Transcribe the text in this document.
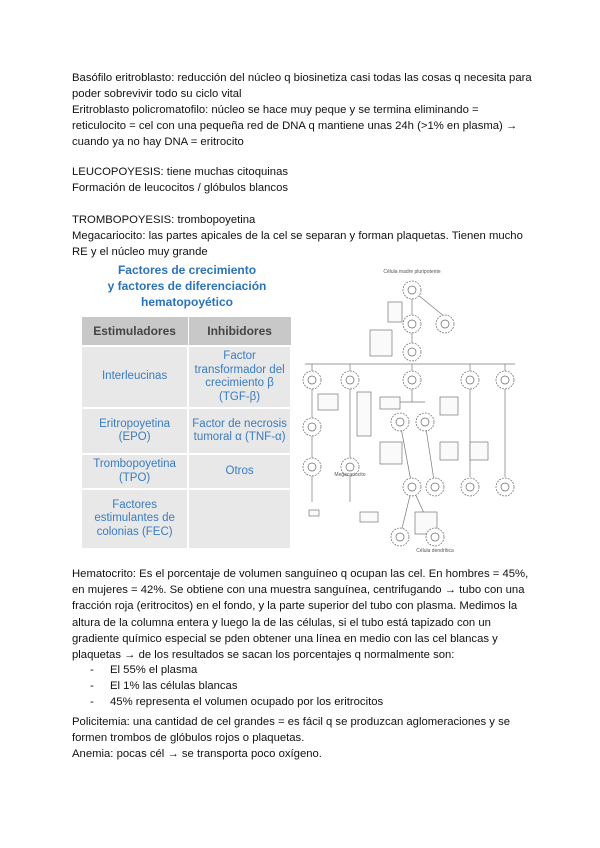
Basófilo eritroblasto: reducción del núcleo q biosinetiza casi todas las cosas q necesita para poder sobrevivir todo su ciclo vital

Eritroblasto policromatofilo: núcleo se hace muy peque y se termina eliminando = reticulocito = cel con una pequeña red de DNA q mantiene unas 24h (>1% en plasma) → cuando ya no hay DNA = eritrocito

LEUCOPOYESIS: tiene muchas citoquinas

Formación de leucocitos / glóbulos blancos

TROMBOPOYESIS: trombopoyetina

Megacariocito: las partes apicales de la cel se separan y forman plaquetas. Tienen mucho RE y el núcleo muy grande

Factores de crecimiento
y factores de diferenciación
hematopoyético
Estimuladores	Inhibidores
Interleucinas	Factor transformador del crecimiento β (TGF-β)
Eritropoyetina (EPO)	Factor de necrosis tumoral α (TNF-α)
Trombopoyetina (TPO)	Otros
Factores estimulantes de colonias (FEC)	
Célula madre pluripotente
Megacariocito
Célula dendrítica

Hematocrito: Es el porcentaje de volumen sanguíneo q ocupan las cel. En hombres = 45%, en mujeres = 42%. Se obtiene con una muestra sanguínea, centrifugando → tubo con una fracción roja (eritrocitos) en el fondo, y la parte superior del tubo con plasma. Medimos la altura de la columna entera y luego la de las células, si el tubo está tapizado con un gradiente químico especial se pden obtener una línea en medio con las cel blancas y plaquetas → de los resultados se sacan los porcentajes q normalmente son:

- El 55% el plasma
- El 1% las células blancas
- 45% representa el volumen ocupado por los eritrocitos

Policitemia: una cantidad de cel grandes = es fácil q se produzcan aglomeraciones y se formen trombos de glóbulos rojos o plaquetas.

Anemia: pocas cél → se transporta poco oxígeno.
